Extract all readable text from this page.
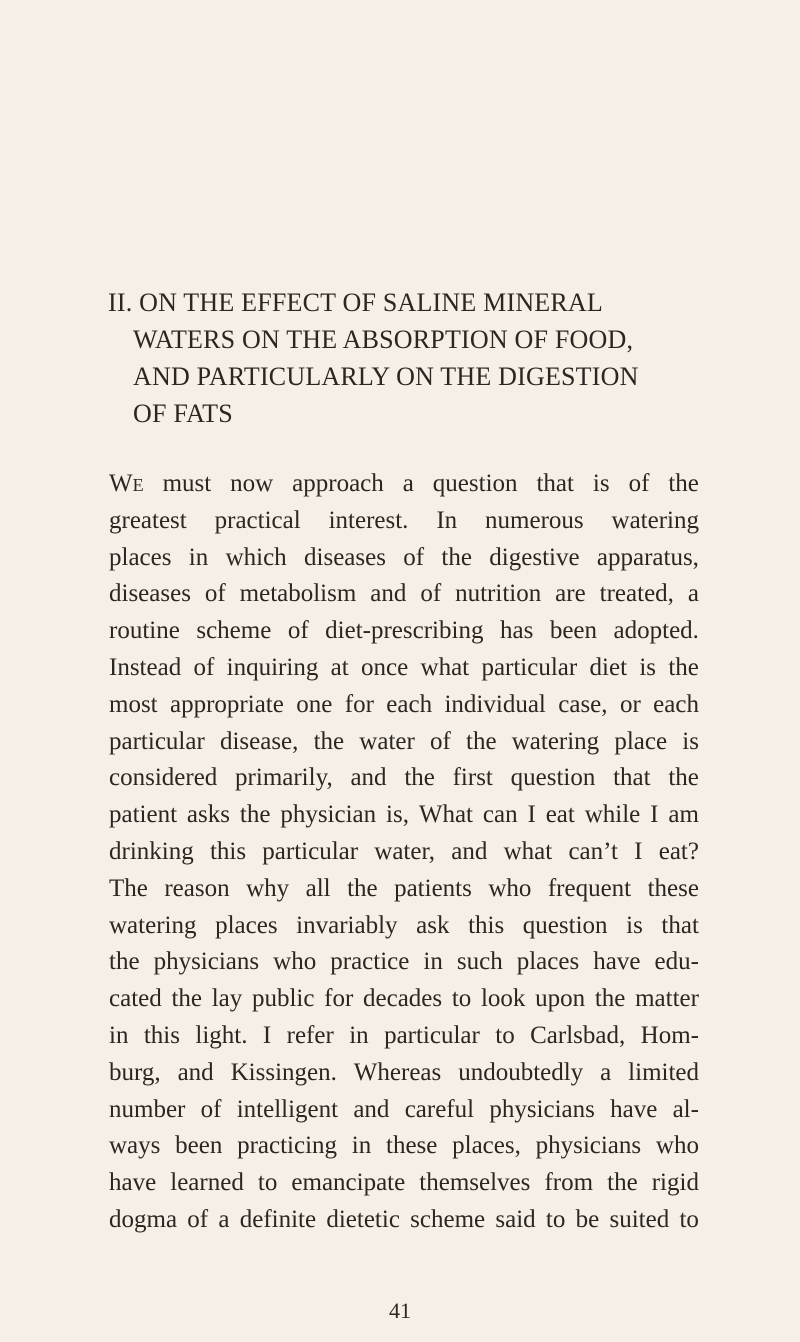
II. ON THE EFFECT OF SALINE MINERAL
WATERS ON THE ABSORPTION OF FOOD,
AND PARTICULARLY ON THE DIGESTION
OF FATS
We must now approach a question that is of the
greatest practical interest. In numerous watering
places in which diseases of the digestive apparatus,
diseases of metabolism and of nutrition are treated, a
routine scheme of diet-prescribing has been adopted.
Instead of inquiring at once what particular diet is the
most appropriate one for each individual case, or each
particular disease, the water of the watering place is
considered primarily, and the first question that the
patient asks the physician is, What can I eat while I am
drinking this particular water, and what can’t I eat?
The reason why all the patients who frequent these
watering places invariably ask this question is that
the physicians who practice in such places have edu-
cated the lay public for decades to look upon the matter
in this light. I refer in particular to Carlsbad, Hom-
burg, and Kissingen. Whereas undoubtedly a limited
number of intelligent and careful physicians have al-
ways been practicing in these places, physicians who
have learned to emancipate themselves from the rigid
dogma of a definite dietetic scheme said to be suited to
41
